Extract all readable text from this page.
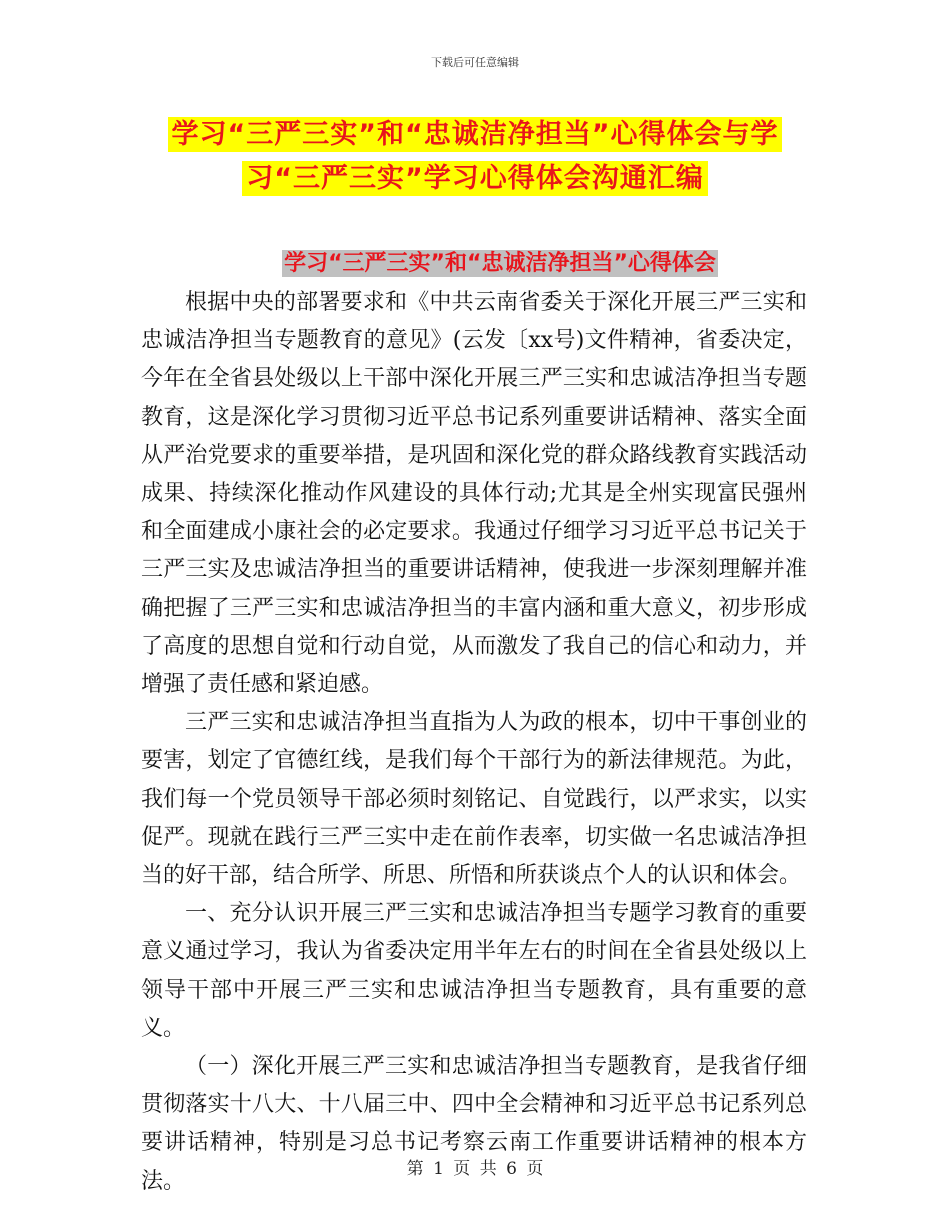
下载后可任意编辑
学习“三严三实”和“忠诚洁净担当”心得体会与学
习“三严三实”学习心得体会沟通汇编
学习“三严三实”和“忠诚洁净担当”心得体会

根据中央的部署要求和《中共云南省委关于深化开展三严三实和忠诚洁净担当专题教育的意见》(云发〔xx号)文件精神，省委决定，今年在全省县处级以上干部中深化开展三严三实和忠诚洁净担当专题教育，这是深化学习贯彻习近平总书记系列重要讲话精神、落实全面从严治党要求的重要举措，是巩固和深化党的群众路线教育实践活动成果、持续深化推动作风建设的具体行动;尤其是全州实现富民强州和全面建成小康社会的必定要求。我通过仔细学习习近平总书记关于三严三实及忠诚洁净担当的重要讲话精神，使我进一步深刻理解并准确把握了三严三实和忠诚洁净担当的丰富内涵和重大意义，初步形成了高度的思想自觉和行动自觉，从而激发了我自己的信心和动力，并增强了责任感和紧迫感。

三严三实和忠诚洁净担当直指为人为政的根本，切中干事创业的要害，划定了官德红线，是我们每个干部行为的新法律规范。为此，我们每一个党员领导干部必须时刻铭记、自觉践行，以严求实，以实促严。现就在践行三严三实中走在前作表率，切实做一名忠诚洁净担当的好干部，结合所学、所思、所悟和所获谈点个人的认识和体会。

一、充分认识开展三严三实和忠诚洁净担当专题学习教育的重要意义通过学习，我认为省委决定用半年左右的时间在全省县处级以上领导干部中开展三严三实和忠诚洁净担当专题教育，具有重要的意义。

（一）深化开展三严三实和忠诚洁净担当专题教育，是我省仔细贯彻落实十八大、十八届三中、四中全会精神和习近平总书记系列总要讲话精神，特别是习总书记考察云南工作重要讲话精神的根本方法。	第 1 页 共 6 页
